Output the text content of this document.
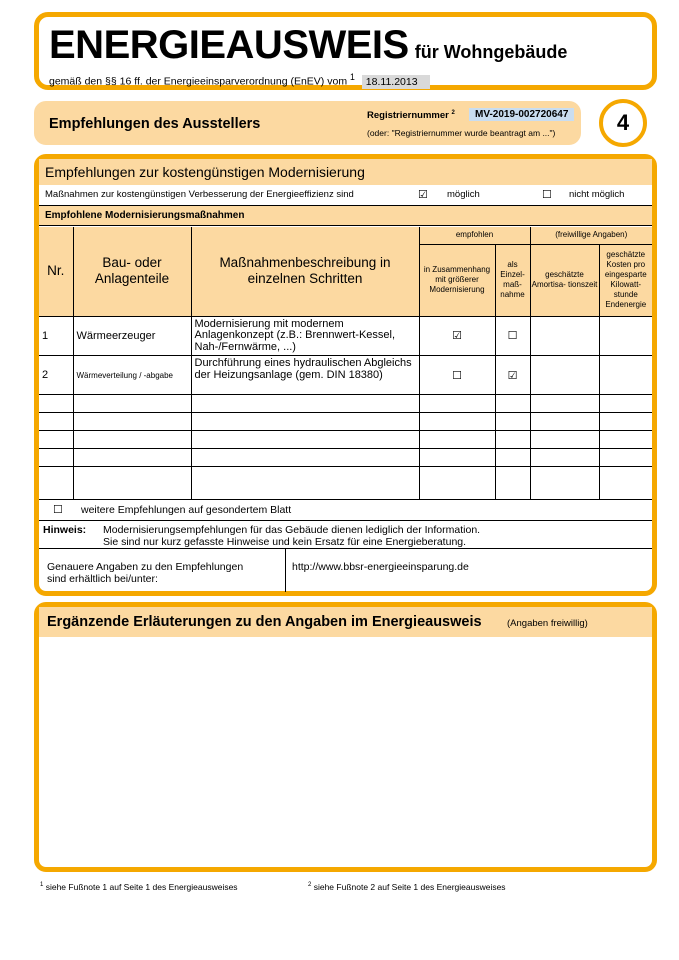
ENERGIEAUSWEIS für Wohngebäude
gemäß den §§ 16 ff. der Energieeinsparverordnung (EnEV) vom $^1$ 18.11.2013
Empfehlungen des Ausstellers
Registriernummer $^2$	MV-2019-002720647
(oder: "Registriernummer wurde beantragt am ...")	4
Empfehlungen zur kostengünstigen Modernisierung
Maßnahmen zur kostengünstigen Verbesserung der Energieeffizienz sind	☑ möglich	☐ nicht möglich
Empfohlene Modernisierungsmaßnahmen
Nr.	Bau- oder Anlagenteile	Maßnahmenbeschreibung in einzelnen Schritten	empfohlen		(freiwillige Angaben)	
			in Zusammenhang mit größerer Modernisierung	als Einzel- maß- nahme	geschätzte Amortisa- tionszeit	geschätzte Kosten pro eingesparte Kilowatt- stunde Endenergie
1	Wärmeerzeuger	Modernisierung mit modernem Anlagenkonzept (z.B.: Brennwert-Kessel, Nah-/Fernwärme, ...)	☑	☐		
2	Wärmeverteilung / -abgabe	Durchführung eines hydraulischen Abgleichs der Heizungsanlage (gem. DIN 18380)	☐	☑		

☐ weitere Empfehlungen auf gesondertem Blatt
Hinweis: Modernisierungsempfehlungen für das Gebäude dienen lediglich der Information.
Sie sind nur kurz gefasste Hinweise und kein Ersatz für eine Energieberatung.
Genauere Angaben zu den Empfehlungen
sind erhältlich bei/unter:
http://www.bbsr-energieeinsparung.de
Ergänzende Erläuterungen zu den Angaben im Energieausweis	(Angaben freiwillig)
$^1$ siehe Fußnote 1 auf Seite 1 des Energieausweises	$^2$ siehe Fußnote 2 auf Seite 1 des Energieausweises
